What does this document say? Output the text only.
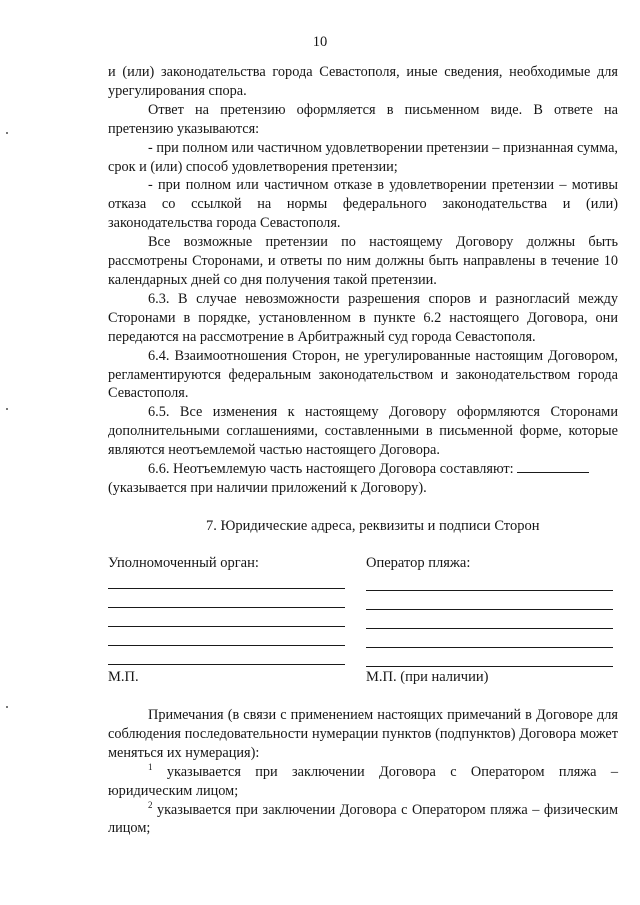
10

и (или) законодательства города Севастополя, иные сведения, необходимые для урегулирования спора.

Ответ на претензию оформляется в письменном виде. В ответе на претензию указываются:

- при полном или частичном удовлетворении претензии – признанная сумма, срок и (или) способ удовлетворения претензии;

- при полном или частичном отказе в удовлетворении претензии – мотивы отказа со ссылкой на нормы федерального законодательства и (или) законодательства города Севастополя.

Все возможные претензии по настоящему Договору должны быть рассмотрены Сторонами, и ответы по ним должны быть направлены в течение 10 календарных дней со дня получения такой претензии.

6.3. В случае невозможности разрешения споров и разногласий между Сторонами в порядке, установленном в пункте 6.2 настоящего Договора, они передаются на рассмотрение в Арбитражный суд города Севастополя.

6.4. Взаимоотношения Сторон, не урегулированные настоящим Договором, регламентируются федеральным законодательством и законодательством города Севастополя.

6.5. Все изменения к настоящему Договору оформляются Сторонами дополнительными соглашениями, составленными в письменной форме, которые являются неотъемлемой частью настоящего Договора.

6.6. Неотъемлемую часть настоящего Договора составляют:

(указывается при наличии приложений к Договору).

7. Юридические адреса, реквизиты и подписи Сторон
Уполномоченный орган:	Оператор пляжа:
М.П.	М.П. (при наличии)

Примечания (в связи с применением настоящих примечаний в Договоре для соблюдения последовательности нумерации пунктов (подпунктов) Договора может меняться их нумерация):

$^1$ указывается при заключении Договора с Оператором пляжа – юридическим лицом;

$^2$ указывается при заключении Договора с Оператором пляжа – физическим лицом;
